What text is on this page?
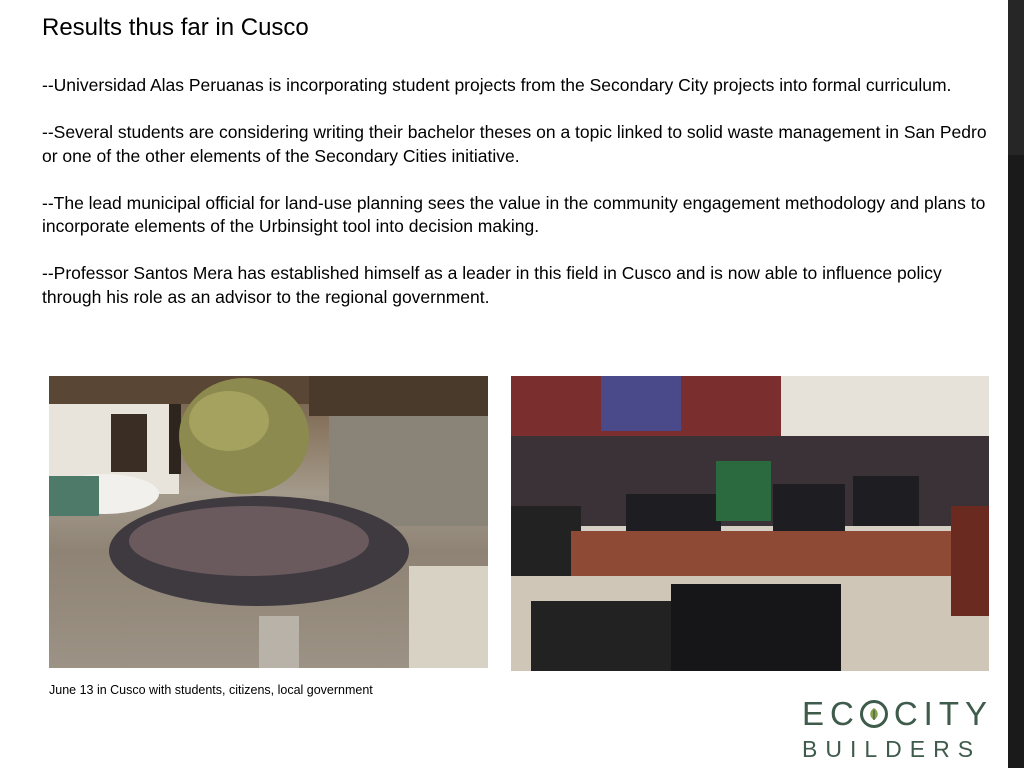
Results thus far in Cusco

--Universidad Alas Peruanas is incorporating student projects from the Secondary City projects into formal curriculum.

--Several students are considering writing their bachelor theses on a topic linked to solid waste management in San Pedro or one of the other elements of the Secondary Cities initiative.

--The lead municipal official for land-use planning sees the value in the community engagement methodology and plans to incorporate elements of the Urbinsight tool into decision making.

--Professor Santos Mera has established himself as a leader in this field in Cusco and is now able to influence policy through his role as an advisor to the regional government.

June 13 in Cusco with students, citizens, local government
EC CITY
BUILDERS
